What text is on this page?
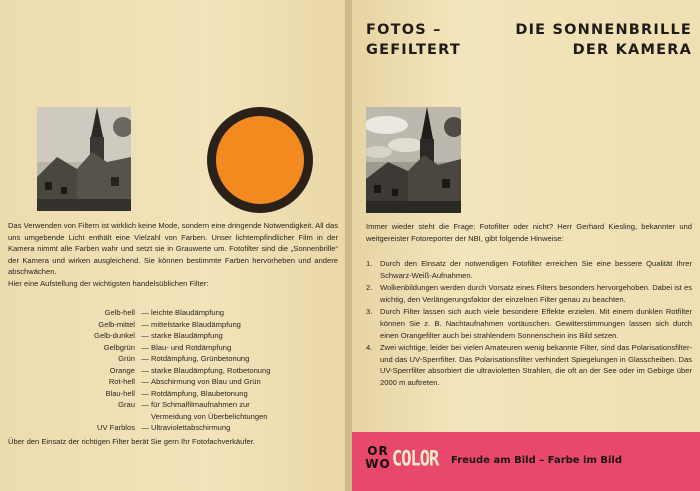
DIE SONNENBRILLE
DER KAMERA

Das Verwenden von Filtern ist wirklich keine Mode, sondern eine dringende Notwendigkeit. All das uns umgebende Licht enthält eine Vielzahl von Farben. Unser lichtempfindlicher Film in der Kamera nimmt alle Farben wahr und setzt sie in Grauwerte um. Fotofilter sind die „Sonnenbrille“ der Kamera und wirken ausgleichend. Sie können bestimmte Farben hervorheben und andere abschwächen.

Hier eine Aufstellung der wichtigsten handelsüblichen Filter:

Gelb-hell — leichte Blaudämpfung
Gelb-mittel — mittelstarke Blaudämpfung
Gelb-dunkel — starke Blaudämpfung
Gelbgrün — Blau- und Rotdämpfung
Grün — Rotdämpfung, Grünbetonung
Orange — starke Blaudämpfung, Rotbetonung
Rot-hell — Abschirmung von Blau und Grün
Blau-hell — Rotdämpfung, Blaubetonung
Grau — für Schmalfilmaufnahmen zur
Vermeidung von Überbelichtungen
UV Farblos — Ultraviolettabschirmung
Über den Einsatz der richtigen Filter berät Sie gern Ihr Fotofachverkäufer.
FOTOS –
GEFILTERT

Immer wieder steht die Frage: Fotofilter oder nicht? Herr Gerhard Kiesling, bekannter und weitgereister Fotoreporter der NBI, gibt folgende Hinweise:

1.	Durch den Einsatz der notwendigen Fotofilter erreichen Sie eine bessere Qualität Ihrer Schwarz-Weiß-Aufnahmen.
2.	Wolkenbildungen werden durch Vorsatz eines Filters besonders hervorgehoben. Dabei ist es wichtig, den Verlängerungsfaktor der einzelnen Filter genau zu beachten.
3.	Durch Filter lassen sich auch viele besondere Effekte erzielen. Mit einem dunklen Rotfilter können Sie z. B. Nachtaufnahmen vortäuschen. Gewitterstimmungen lassen sich durch einen Orangefilter auch bei strahlendem Sonnenschein ins Bild setzen.
4.	Zwei wichtige, leider bei vielen Amateuren wenig bekannte Filter, sind das Polarisationsfilter- und das UV-Sperrfilter. Das Polarisationsfilter verhindert Spiegelungen in Glasscheiben. Das UV-Sperrfilter absorbiert die ultravioletten Strahlen, die oft an der See oder im Gebirge über 2000 m auftreten.
OR
WO COLOR Freude am Bild – Farbe im Bild
